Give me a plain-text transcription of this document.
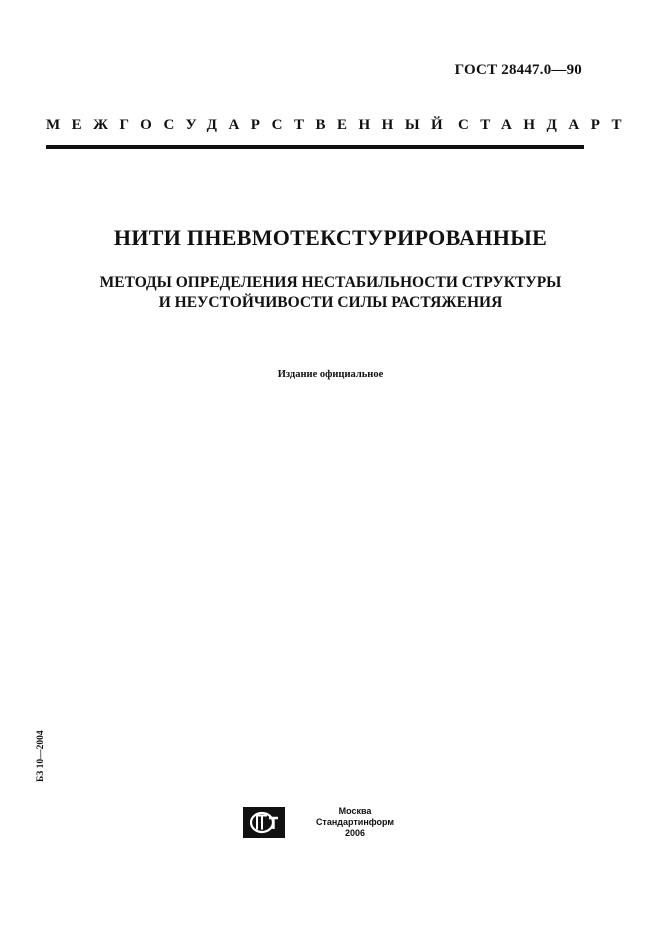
ГОСТ 28447.0—90
МЕЖГОСУДАРСТВЕННЫЙ СТАНДАРТ
НИТИ ПНЕВМОТЕКСТУРИРОВАННЫЕ
МЕТОДЫ ОПРЕДЕЛЕНИЯ НЕСТАБИЛЬНОСТИ СТРУКТУРЫ
И НЕУСТОЙЧИВОСТИ СИЛЫ РАСТЯЖЕНИЯ
Издание официальное
БЗ 10—2004
Москва
Стандартинформ
2006
